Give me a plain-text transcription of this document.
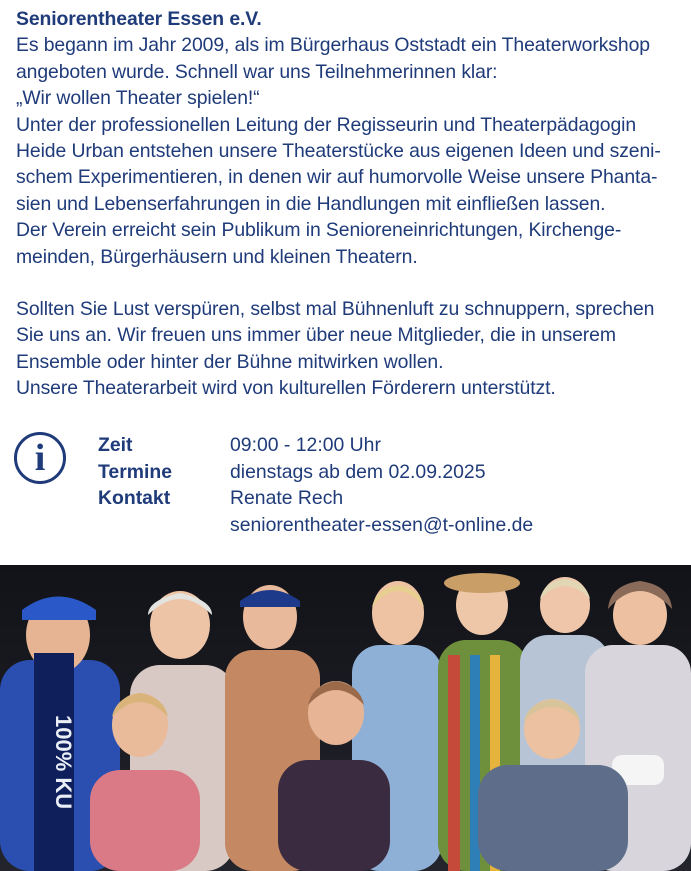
Seniorentheater Essen e.V.
Es begann im Jahr 2009, als im Bürgerhaus Oststadt ein Theaterworkshop
angeboten wurde. Schnell war uns Teilnehmerinnen klar:
„Wir wollen Theater spielen!“
Unter der professionellen Leitung der Regisseurin und Theaterpädagogin
Heide Urban entstehen unsere Theaterstücke aus eigenen Ideen und szeni-
schem Experimentieren, in denen wir auf humorvolle Weise unsere Phanta-
sien und Lebenserfahrungen in die Handlungen mit einfließen lassen.
Der Verein erreicht sein Publikum in Senioreneinrichtungen, Kirchenge-
meinden, Bürgerhäusern und kleinen Theatern.
Sollten Sie Lust verspüren, selbst mal Bühnenluft zu schnuppern, sprechen
Sie uns an. Wir freuen uns immer über neue Mitglieder, die in unserem
Ensemble oder hinter der Bühne mitwirken wollen.
Unsere Theaterarbeit wird von kulturellen Förderern unterstützt.
i	Zeit	09:00 - 12:00 Uhr
Termine	dienstags ab dem 02.09.2025
Kontakt	Renate Rech
seniorentheater-essen@t-online.de
100% KU
